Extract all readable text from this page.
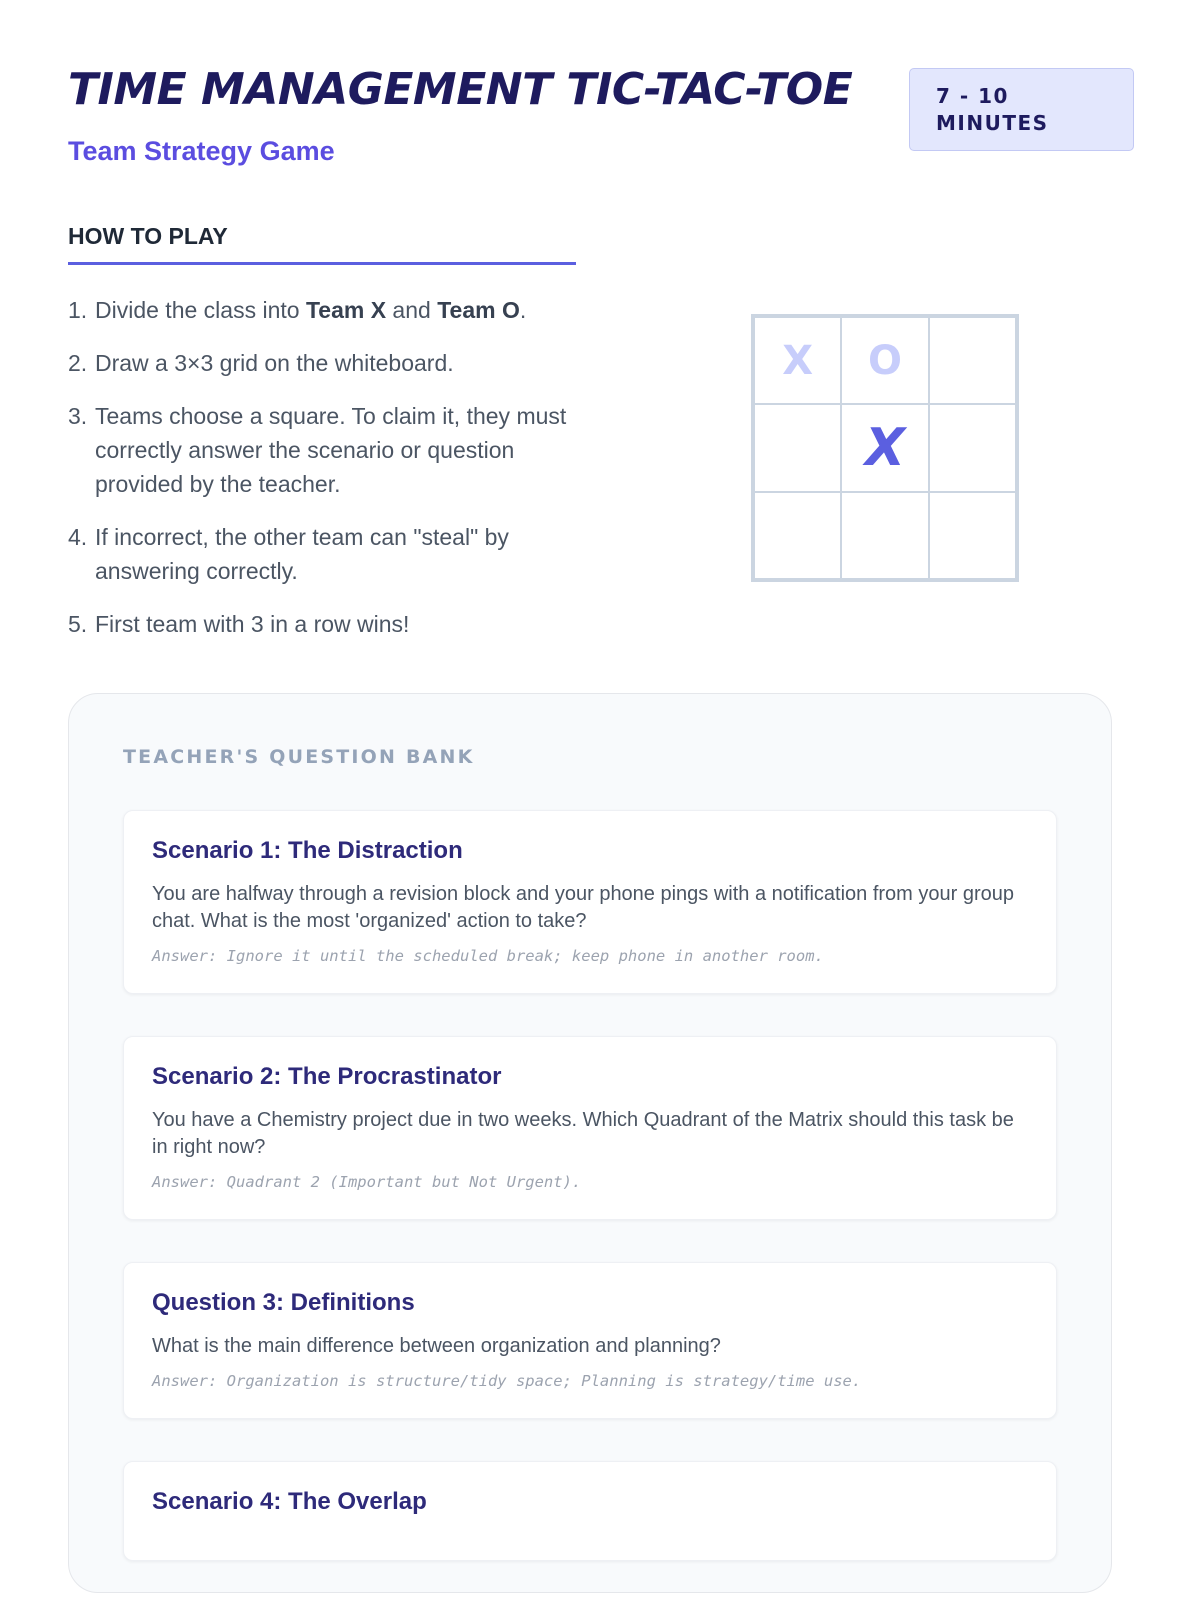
TIME MANAGEMENT TIC-TAC-TOE
Team Strategy Game
7 - 10
MINUTES
HOW TO PLAY
1. Divide the class into Team X and Team O.
2. Draw a 3×3 grid on the whiteboard.
3. Teams choose a square. To claim it, they must correctly answer the scenario or question provided by the teacher.
4. If incorrect, the other team can "steal" by answering correctly.
5. First team with 3 in a row wins!
X	O
X
TEACHER'S QUESTION BANK
Scenario 1: The Distraction

You are halfway through a revision block and your phone pings with a notification from your group chat. What is the most 'organized' action to take?

Answer: Ignore it until the scheduled break; keep phone in another room.

Scenario 2: The Procrastinator

You have a Chemistry project due in two weeks. Which Quadrant of the Matrix should this task be in right now?

Answer: Quadrant 2 (Important but Not Urgent).

Question 3: Definitions

What is the main difference between organization and planning?

Answer: Organization is structure/tidy space; Planning is strategy/time use.

Scenario 4: The Overlap
